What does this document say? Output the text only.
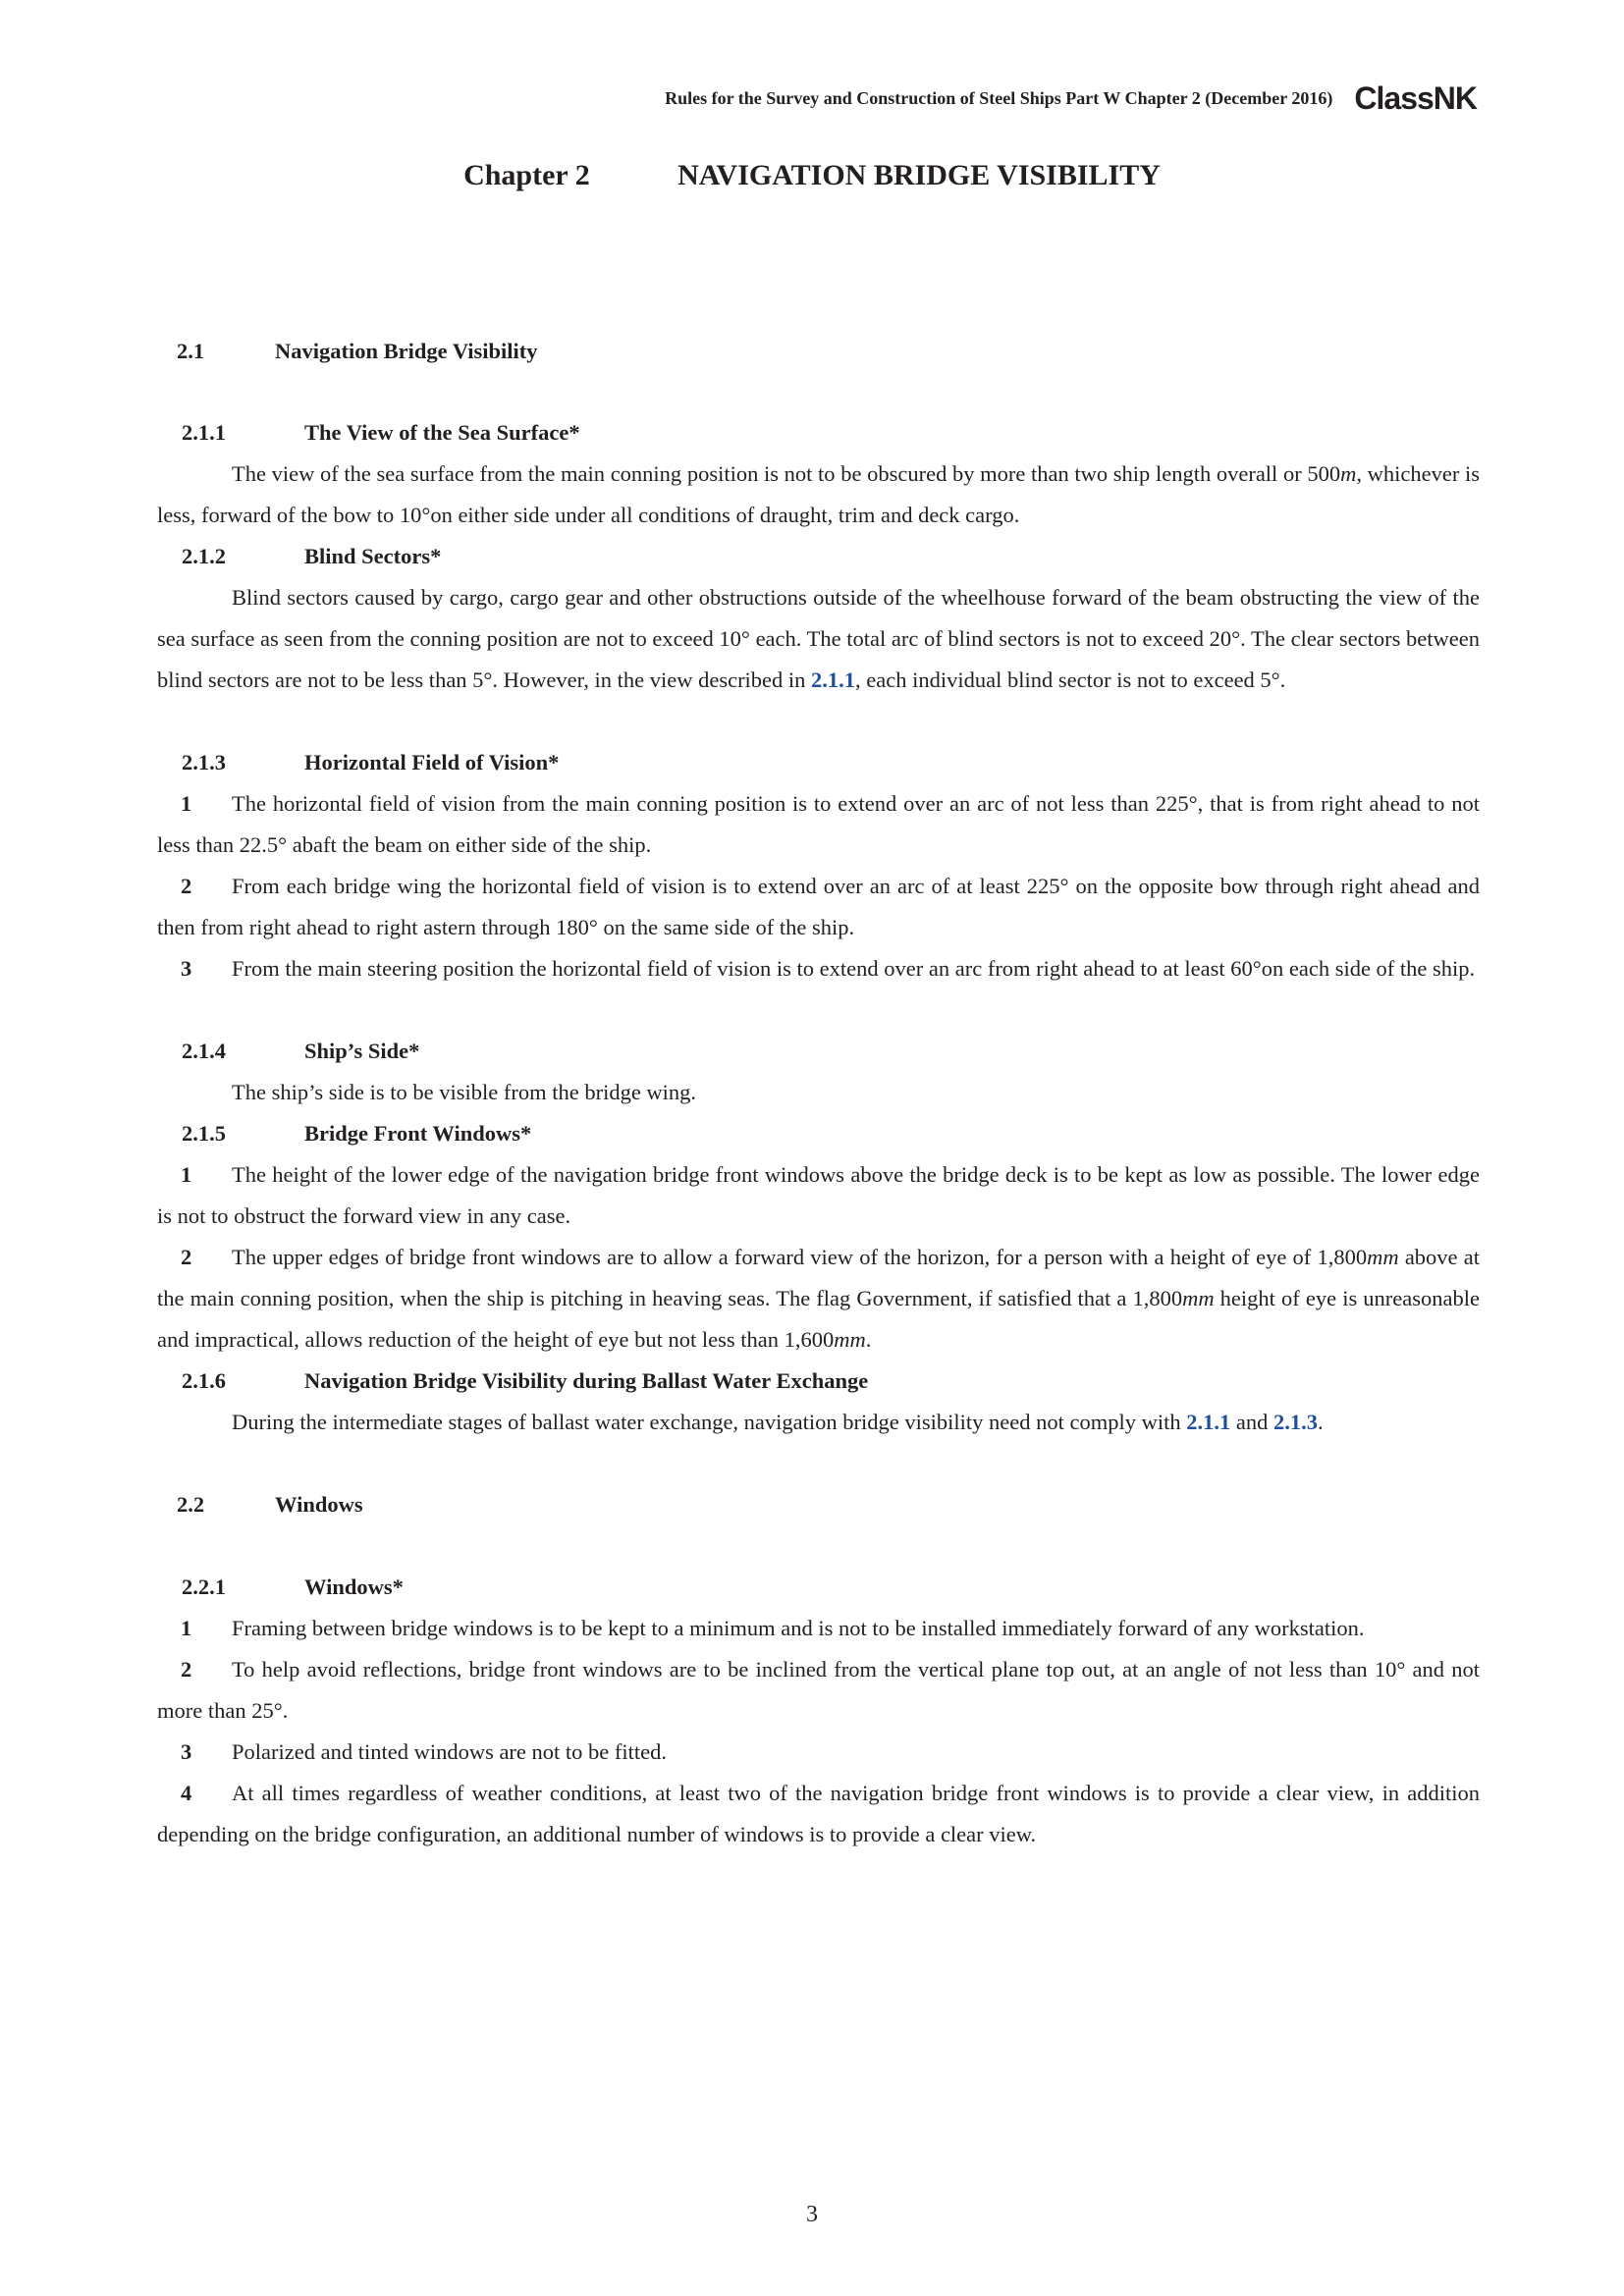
Rules for the Survey and Construction of Steel Ships Part W Chapter 2 (December 2016) ClassNK
Chapter 2	NAVIGATION BRIDGE VISIBILITY
2.1	Navigation Bridge Visibility
2.1.1	The View of the Sea Surface*
The view of the sea surface from the main conning position is not to be obscured by more than two ship length overall or 500m, whichever is less, forward of the bow to 10°on either side under all conditions of draught, trim and deck cargo.
2.1.2	Blind Sectors*
Blind sectors caused by cargo, cargo gear and other obstructions outside of the wheelhouse forward of the beam obstructing the view of the sea surface as seen from the conning position are not to exceed 10° each. The total arc of blind sectors is not to exceed 20°. The clear sectors between blind sectors are not to be less than 5°. However, in the view described in 2.1.1, each individual blind sector is not to exceed 5°.
2.1.3	Horizontal Field of Vision*
1 The horizontal field of vision from the main conning position is to extend over an arc of not less than 225°, that is from right ahead to not less than 22.5° abaft the beam on either side of the ship.
2 From each bridge wing the horizontal field of vision is to extend over an arc of at least 225° on the opposite bow through right ahead and then from right ahead to right astern through 180° on the same side of the ship.
3 From the main steering position the horizontal field of vision is to extend over an arc from right ahead to at least 60°on each side of the ship.
2.1.4	Ship’s Side*
The ship’s side is to be visible from the bridge wing.
2.1.5	Bridge Front Windows*
1 The height of the lower edge of the navigation bridge front windows above the bridge deck is to be kept as low as possible. The lower edge is not to obstruct the forward view in any case.
2 The upper edges of bridge front windows are to allow a forward view of the horizon, for a person with a height of eye of 1,800mm above at the main conning position, when the ship is pitching in heaving seas. The flag Government, if satisfied that a 1,800mm height of eye is unreasonable and impractical, allows reduction of the height of eye but not less than 1,600mm.
2.1.6	Navigation Bridge Visibility during Ballast Water Exchange
During the intermediate stages of ballast water exchange, navigation bridge visibility need not comply with 2.1.1 and 2.1.3.
2.2	Windows
2.2.1	Windows*
1 Framing between bridge windows is to be kept to a minimum and is not to be installed immediately forward of any workstation.
2 To help avoid reflections, bridge front windows are to be inclined from the vertical plane top out, at an angle of not less than 10° and not more than 25°.
3 Polarized and tinted windows are not to be fitted.
4 At all times regardless of weather conditions, at least two of the navigation bridge front windows is to provide a clear view, in addition depending on the bridge configuration, an additional number of windows is to provide a clear view.
3
